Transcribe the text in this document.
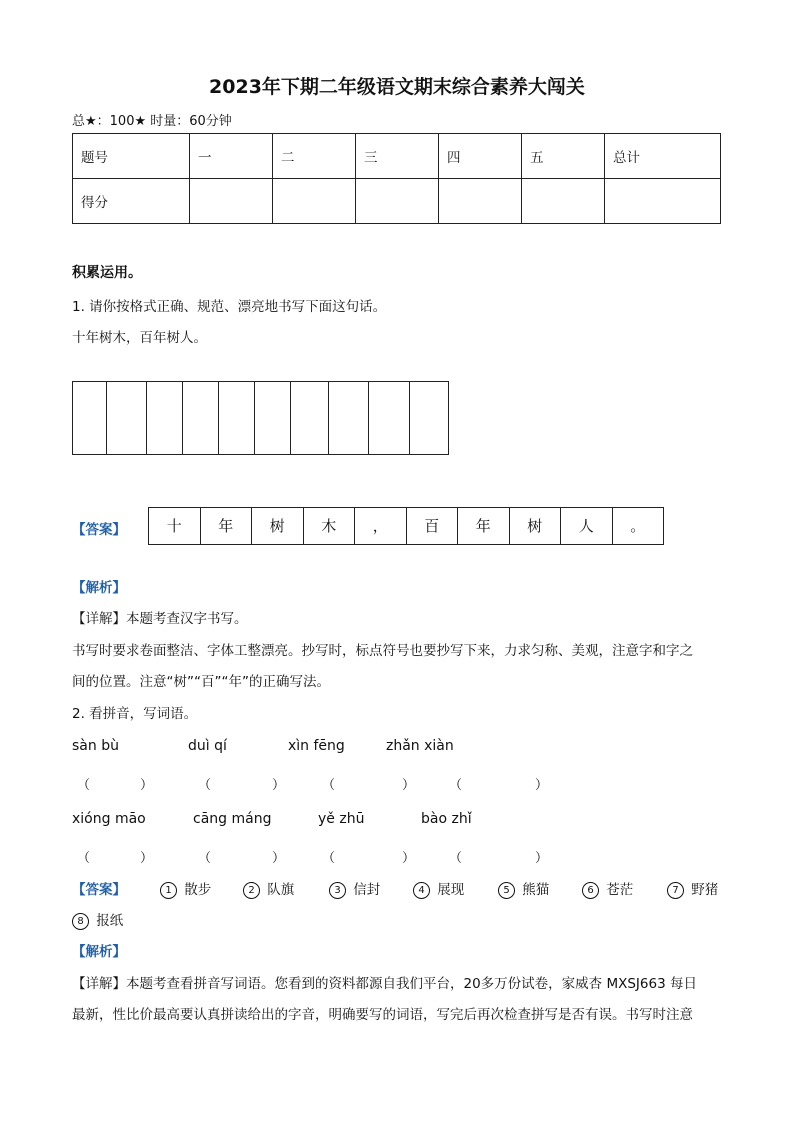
2023年下期二年级语文期末综合素养大闯关
总★：100★ 时量：60分钟
题号	一	二	三	四	五	总计
得分						
积累运用。
1. 请你按格式正确、规范、漂亮地书写下面这句话。
十年树木，百年树人。
【答案】	十	年	树	木	，	百	年	树	人	。
【解析】
【详解】本题考查汉字书写。
书写时要求卷面整洁、字体工整漂亮。抄写时，标点符号也要抄写下来，力求匀称、美观，注意字和字之
间的位置。注意“树”“百”“年”的正确写法。
2. 看拼音，写词语。
sàn bù	duì qí	xìn fēng	zhǎn xiàn
（	）	（	）	（	）	（	）
xióng māo	cāng máng	yě zhū	bào zhǐ
（	）	（	）	（	）	（	）
【答案】	1 散步	2 队旗	3 信封	4 展现	5 熊猫	6 苍茫	7 野猪
8 报纸
【解析】
【详解】本题考查看拼音写词语。您看到的资料都源自我们平台，20多万份试卷，家威杏 MXSJ663 每日
最新，性比价最高要认真拼读给出的字音，明确要写的词语，写完后再次检查拼写是否有误。书写时注意
